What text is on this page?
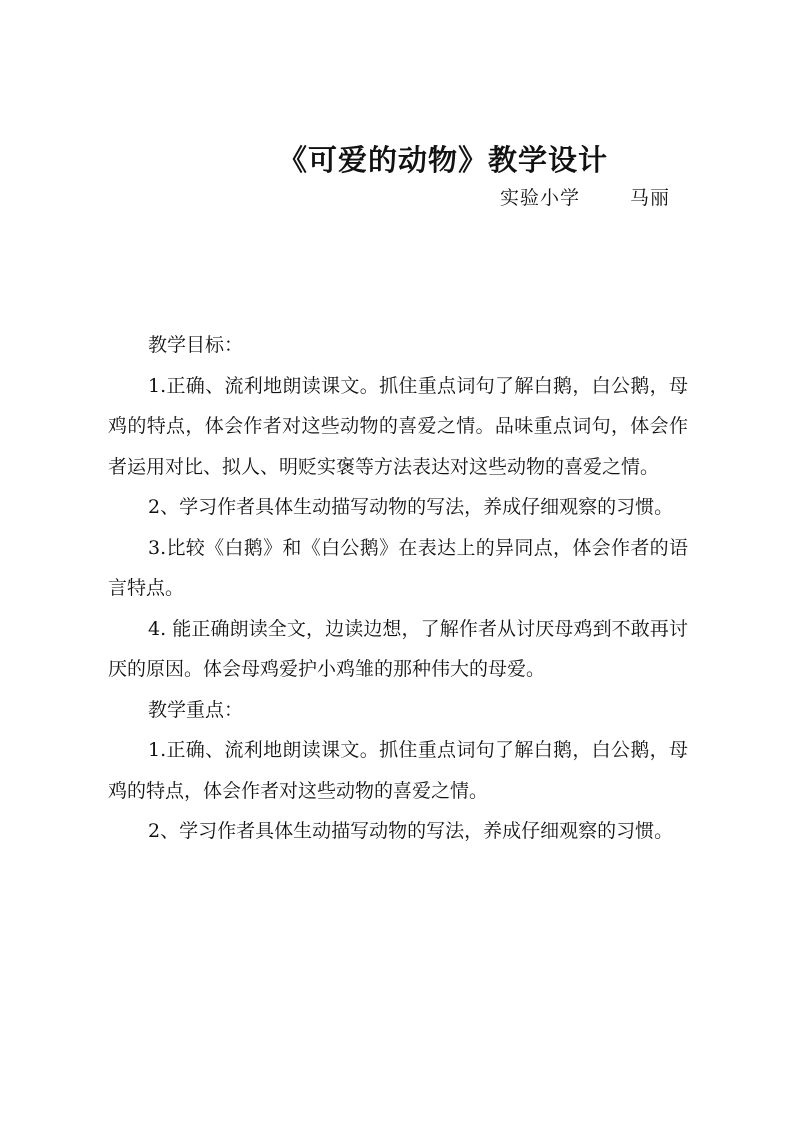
《可爱的动物》教学设计
实验小学	马丽

教学目标：

1.正确、流利地朗读课文。抓住重点词句了解白鹅，白公鹅，母鸡的特点，体会作者对这些动物的喜爱之情。品味重点词句，体会作者运用对比、拟人、明贬实褒等方法表达对这些动物的喜爱之情。

2、学习作者具体生动描写动物的写法，养成仔细观察的习惯。

3.比较《白鹅》和《白公鹅》在表达上的异同点，体会作者的语言特点。

4. 能正确朗读全文，边读边想，了解作者从讨厌母鸡到不敢再讨厌的原因。体会母鸡爱护小鸡雏的那种伟大的母爱。

教学重点：

1.正确、流利地朗读课文。抓住重点词句了解白鹅，白公鹅，母鸡的特点，体会作者对这些动物的喜爱之情。

2、学习作者具体生动描写动物的写法，养成仔细观察的习惯。
